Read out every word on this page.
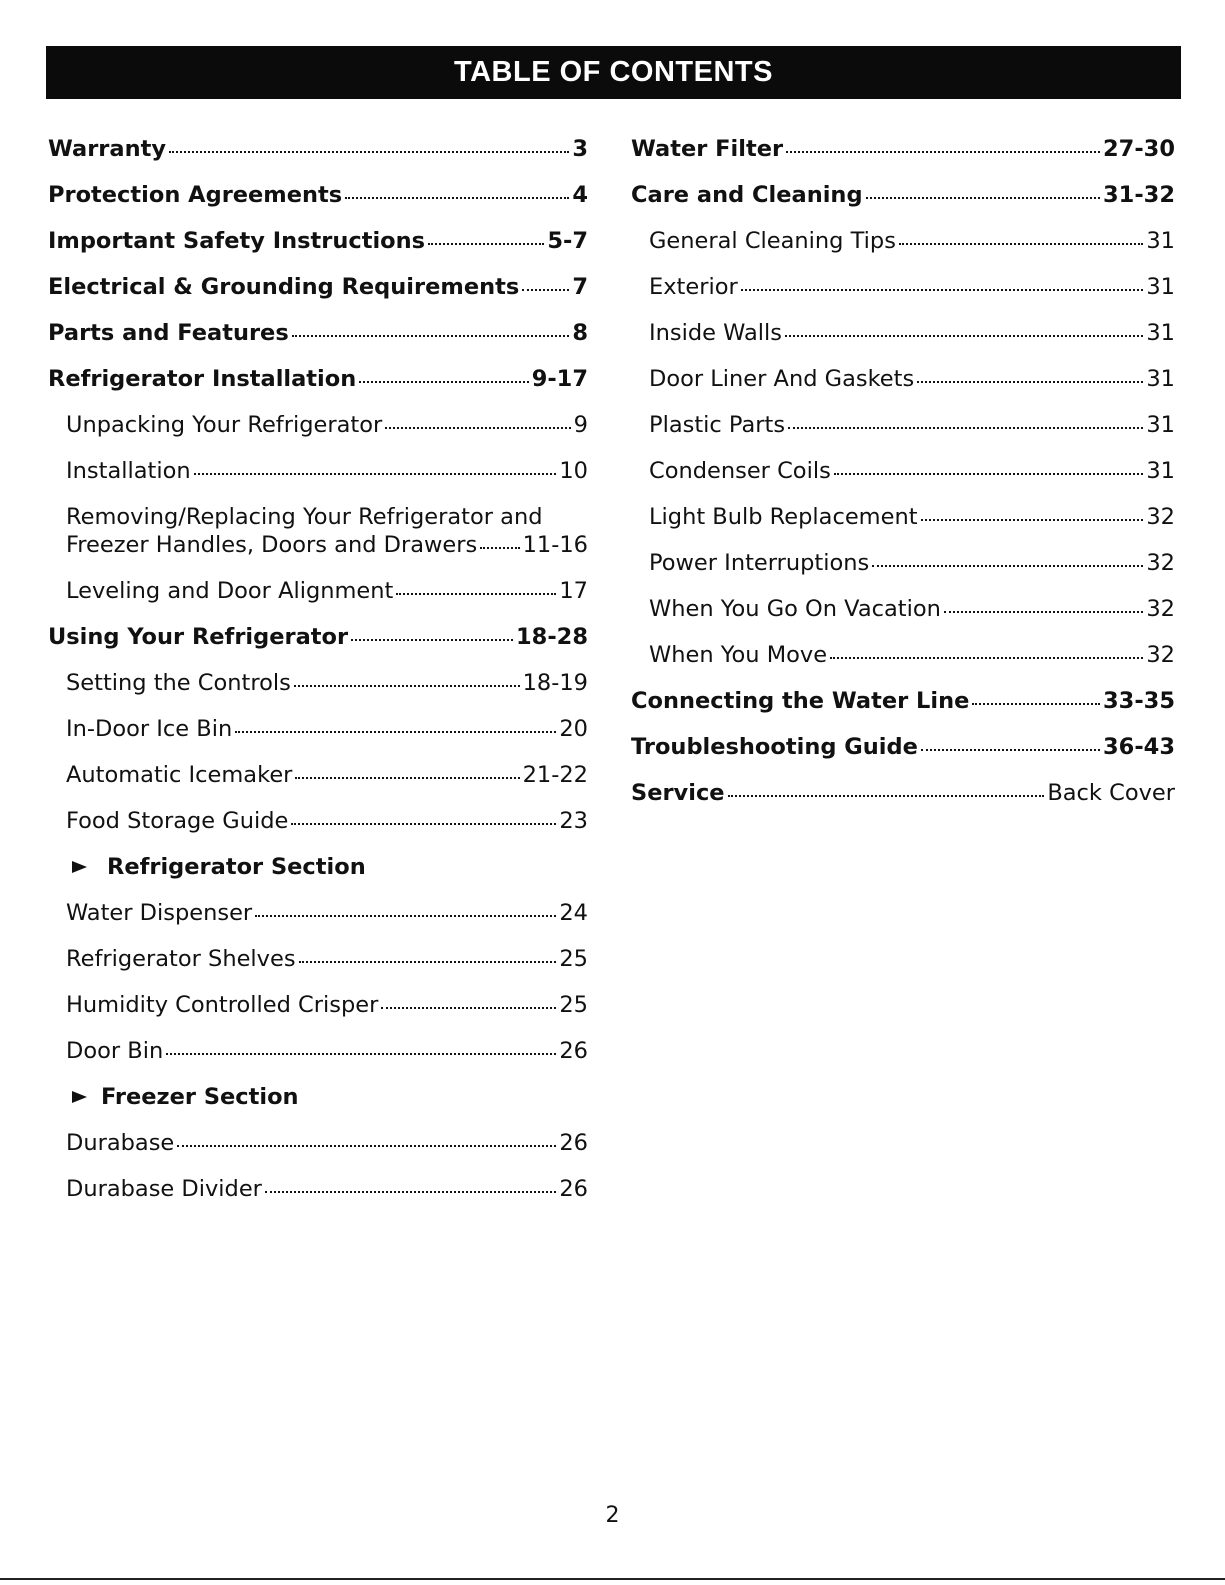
TABLE OF CONTENTS
Warranty	3
Protection Agreements	4
Important Safety Instructions	5-7
Electrical & Grounding Requirements 7
Parts and Features	8
Refrigerator Installation	9-17
Unpacking Your Refrigerator	9
Installation	10
Removing/Replacing Your Refrigerator and
Freezer Handles, Doors and Drawers 11-16
Leveling and Door Alignment	17
Using Your Refrigerator	18-28
Setting the Controls	18-19
In-Door Ice Bin	20
Automatic Icemaker	21-22
Food Storage Guide	23
Refrigerator Section
Water Dispenser	24
Refrigerator Shelves	25
Humidity Controlled Crisper	25
Door Bin	26
Freezer Section
Durabase	26
Durabase Divider	26
Water Filter	27-30
Care and Cleaning	31-32
General Cleaning Tips	31
Exterior	31
Inside Walls	31
Door Liner And Gaskets	31
Plastic Parts	31
Condenser Coils	31
Light Bulb Replacement	32
Power Interruptions	32
When You Go On Vacation	32
When You Move	32
Connecting the Water Line	33-35
Troubleshooting Guide	36-43
Service	Back Cover
2
